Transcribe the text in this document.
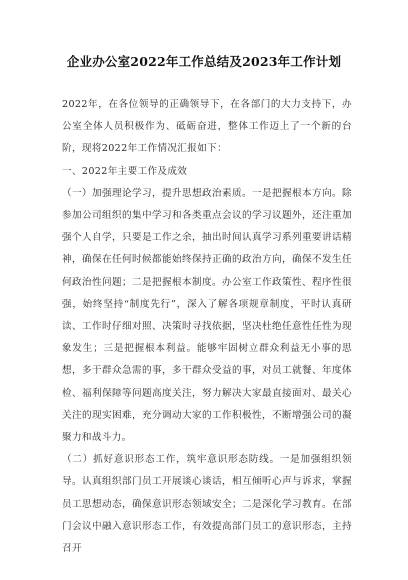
企业办公室2022年工作总结及2023年工作计划

2022年，在各位领导的正确领导下，在各部门的大力支持下，办公室全体人员积极作为、砥砺奋进，整体工作迈上了一个新的台阶，现将2022年工作情况汇报如下：

一、2022年主要工作及成效

（一）加强理论学习，提升思想政治素质。一是把握根本方向。除参加公司组织的集中学习和各类重点会议的学习议题外，还注重加强个人自学，只要是工作之余，抽出时间认真学习系列重要讲话精神，确保在任何时候都能始终保持正确的政治方向，确保不发生任何政治性问题；二是把握根本制度。办公室工作政策性、程序性很强，始终坚持“制度先行”，深入了解各项规章制度，平时认真研读、工作时仔细对照、决策时寻找依据，坚决杜绝任意性任性为现象发生；三是把握根本利益。能够牢固树立群众利益无小事的思想，多干群众急需的事，多干群众受益的事，对员工就餐、年度体检、福利保障等问题高度关注，努力解决大家最直接面对、最关心关注的现实困难，充分调动大家的工作积极性，不断增强公司的凝聚力和战斗力。

（二）抓好意识形态工作，筑牢意识形态防线。一是加强组织领导。认真组织部门员工开展谈心谈话，相互倾听心声与诉求，掌握员工思想动态，确保意识形态领域安全；二是深化学习教育。在部门会议中融入意识形态工作，有效提高部门员工的意识形态，主持召开
